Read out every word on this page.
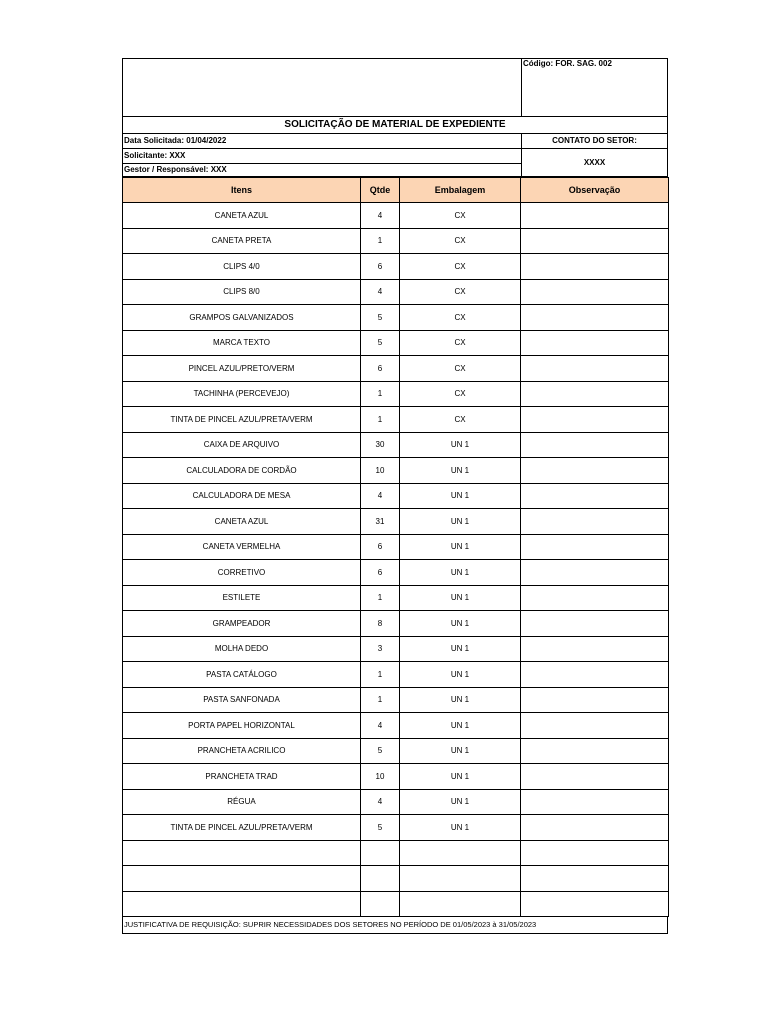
Código: FOR. SAG. 002
SOLICITAÇÃO DE MATERIAL DE EXPEDIENTE
Data Solicitada: 01/04/2022
Solicitante: XXX
Gestor / Responsável: XXX
CONTATO DO SETOR:
XXXX
Itens	Qtde	Embalagem	Observação
CANETA AZUL	4	CX	
CANETA PRETA	1	CX	
CLIPS 4/0	6	CX	
CLIPS 8/0	4	CX	
GRAMPOS GALVANIZADOS	5	CX	
MARCA TEXTO	5	CX	
PINCEL AZUL/PRETO/VERM	6	CX	
TACHINHA (PERCEVEJO)	1	CX	
TINTA DE PINCEL AZUL/PRETA/VERM	1	CX	
CAIXA DE ARQUIVO	30	UN 1	
CALCULADORA DE CORDÃO	10	UN 1	
CALCULADORA DE MESA	4	UN 1	
CANETA AZUL	31	UN 1	
CANETA VERMELHA	6	UN 1	
CORRETIVO	6	UN 1	
ESTILETE	1	UN 1	
GRAMPEADOR	8	UN 1	
MOLHA DEDO	3	UN 1	
PASTA CATÁLOGO	1	UN 1	
PASTA SANFONADA	1	UN 1	
PORTA PAPEL HORIZONTAL	4	UN 1	
PRANCHETA ACRILICO	5	UN 1	
PRANCHETA TRAD	10	UN 1	
RÉGUA	4	UN 1	
TINTA DE PINCEL AZUL/PRETA/VERM	5	UN 1	

JUSTIFICATIVA DE REQUISIÇÃO: SUPRIR NECESSIDADES DOS SETORES NO PERÍODO DE 01/05/2023 à 31/05/2023
